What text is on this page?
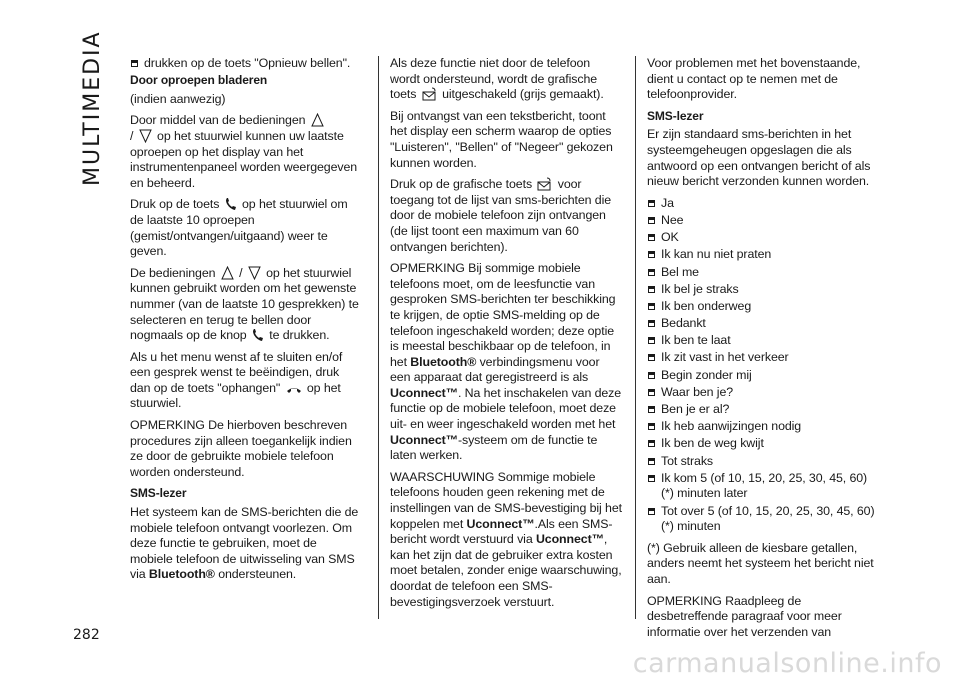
MULTIMEDIA
282
carmanualsonline.info

drukken op de toets "Opnieuw bellen".

Door oproepen bladeren

(indien aanwezig)

Door middel van de bedieningen
/ op het stuurwiel kunnen uw laatste oproepen op het display van het instrumentenpaneel worden weergegeven en beheerd.

Druk op de toets op het stuurwiel om de laatste 10 oproepen (gemist/ontvangen/uitgaand) weer te geven.

De bedieningen / op het stuurwiel kunnen gebruikt worden om het gewenste nummer (van de laatste 10 gesprekken) te selecteren en terug te bellen door nogmaals op de knop te drukken.

Als u het menu wenst af te sluiten en/of een gesprek wenst te beëindigen, druk dan op de toets "ophangen" op het stuurwiel.

OPMERKING De hierboven beschreven procedures zijn alleen toegankelijk indien ze door de gebruikte mobiele telefoon worden ondersteund.

SMS-lezer

Het systeem kan de SMS-berichten die de mobiele telefoon ontvangt voorlezen. Om deze functie te gebruiken, moet de mobiele telefoon de uitwisseling van SMS via Bluetooth® ondersteunen.

Als deze functie niet door de telefoon wordt ondersteund, wordt de grafische toets uitgeschakeld (grijs gemaakt).

Bij ontvangst van een tekstbericht, toont het display een scherm waarop de opties "Luisteren", "Bellen" of "Negeer" gekozen kunnen worden.

Druk op de grafische toets voor toegang tot de lijst van sms-berichten die door de mobiele telefoon zijn ontvangen (de lijst toont een maximum van 60 ontvangen berichten).

OPMERKING Bij sommige mobiele telefoons moet, om de leesfunctie van gesproken SMS-berichten ter beschikking te krijgen, de optie SMS-melding op de telefoon ingeschakeld worden; deze optie is meestal beschikbaar op de telefoon, in het Bluetooth® verbindingsmenu voor een apparaat dat geregistreerd is als Uconnect™. Na het inschakelen van deze functie op de mobiele telefoon, moet deze uit- en weer ingeschakeld worden met het Uconnect™-systeem om de functie te laten werken.

WAARSCHUWING Sommige mobiele telefoons houden geen rekening met de instellingen van de SMS-bevestiging bij het koppelen met Uconnect™.Als een SMS-bericht wordt verstuurd via Uconnect™, kan het zijn dat de gebruiker extra kosten moet betalen, zonder enige waarschuwing, doordat de telefoon een SMS-bevestigingsverzoek verstuurt.

Voor problemen met het bovenstaande, dient u contact op te nemen met de telefoonprovider.

SMS-lezer

Er zijn standaard sms-berichten in het systeemgeheugen opgeslagen die als antwoord op een ontvangen bericht of als nieuw bericht verzonden kunnen worden.

Ja
Nee
OK
Ik kan nu niet praten
Bel me
Ik bel je straks
Ik ben onderweg
Bedankt
Ik ben te laat
Ik zit vast in het verkeer
Begin zonder mij
Waar ben je?
Ben je er al?
Ik heb aanwijzingen nodig
Ik ben de weg kwijt
Tot straks
Ik kom 5 (of 10, 15, 20, 25, 30, 45, 60) (*) minuten later
Tot over 5 (of 10, 15, 20, 25, 30, 45, 60) (*) minuten

(*) Gebruik alleen de kiesbare getallen, anders neemt het systeem het bericht niet aan.

OPMERKING Raadpleeg de desbetreffende paragraaf voor meer informatie over het verzenden van
